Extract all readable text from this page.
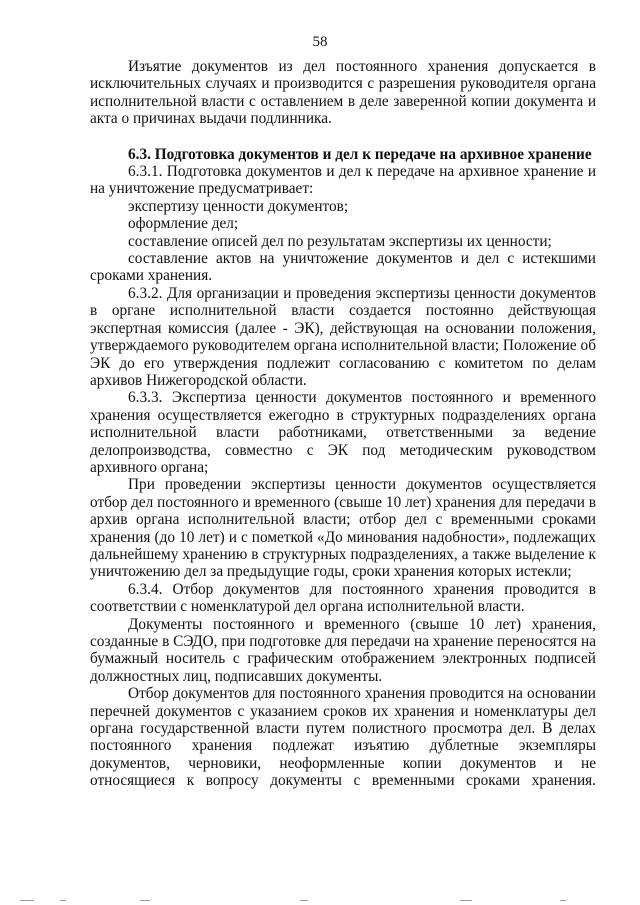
58

Изъятие документов из дел постоянного хранения допускается в исключительных случаях и производится с разрешения руководителя органа исполнительной власти с оставлением в деле заверенной копии документа и акта о причинах выдачи подлинника.

6.3. Подготовка документов и дел к передаче на архивное хранение

6.3.1. Подготовка документов и дел к передаче на архивное хранение и на уничтожение предусматривает:

экспертизу ценности документов;

оформление дел;

составление описей дел по результатам экспертизы их ценности;

составление актов на уничтожение документов и дел с истекшими сроками хранения.

6.3.2. Для организации и проведения экспертизы ценности документов в органе исполнительной власти создается постоянно действующая экспертная комиссия (далее - ЭК), действующая на основании положения, утверждаемого руководителем органа исполнительной власти; Положение об ЭК до его утверждения подлежит согласованию с комитетом по делам архивов Нижегородской области.

6.3.3. Экспертиза ценности документов постоянного и временного хранения осуществляется ежегодно в структурных подразделениях органа исполнительной власти работниками, ответственными за ведение делопроизводства, совместно с ЭК под методическим руководством архивного органа;

При проведении экспертизы ценности документов осуществляется отбор дел постоянного и временного (свыше 10 лет) хранения для передачи в архив органа исполнительной власти; отбор дел с временными сроками хранения (до 10 лет) и с пометкой «До минования надобности», подлежащих дальнейшему хранению в структурных подразделениях, а также выделение к уничтожению дел за предыдущие годы, сроки хранения которых истекли;

6.3.4. Отбор документов для постоянного хранения проводится в соответствии с номенклатурой дел органа исполнительной власти.

Документы постоянного и временного (свыше 10 лет) хранения, созданные в СЭДО, при подготовке для передачи на хранение переносятся на бумажный носитель с графическим отображением электронных подписей должностных лиц, подписавших документы.

Отбор документов для постоянного хранения проводится на основании перечней документов с указанием сроков их хранения и номенклатуры дел органа государственной власти путем полистного просмотра дел. В делах постоянного хранения подлежат изъятию дублетные экземпляры документов, черновики, неоформленные копии документов и не относящиеся к вопросу документы с временными сроками хранения.
